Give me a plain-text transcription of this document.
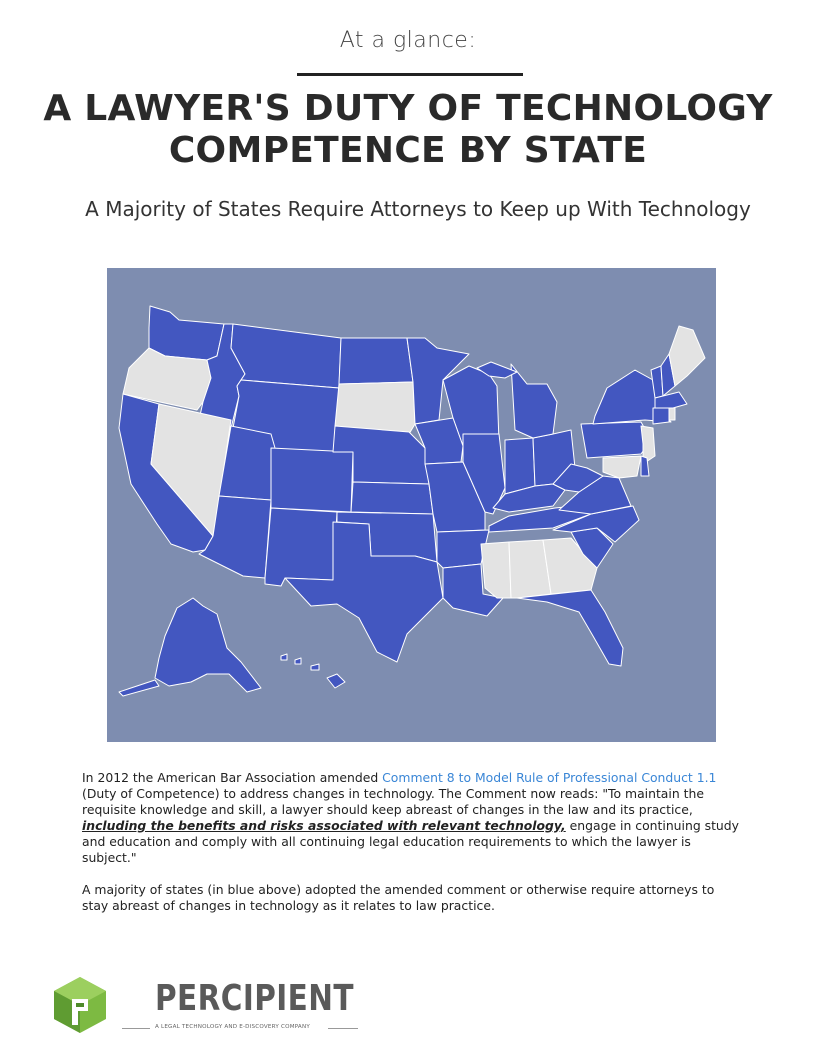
At a glance:
A LAWYER'S DUTY OF TECHNOLOGY
COMPETENCE BY STATE
A Majority of States Require Attorneys to Keep up With Technology

In 2012 the American Bar Association amended Comment 8 to Model Rule of Professional Conduct 1.1 (Duty of Competence) to address changes in technology. The Comment now reads: "To maintain the requisite knowledge and skill, a lawyer should keep abreast of changes in the law and its practice, including the benefits and risks associated with relevant technology, engage in continuing study and education and comply with all continuing legal education requirements to which the lawyer is subject."

A majority of states (in blue above) adopted the amended comment or otherwise require attorneys to stay abreast of changes in technology as it relates to law practice.

PERCIPIENT
A LEGAL TECHNOLOGY AND E-DISCOVERY COMPANY
